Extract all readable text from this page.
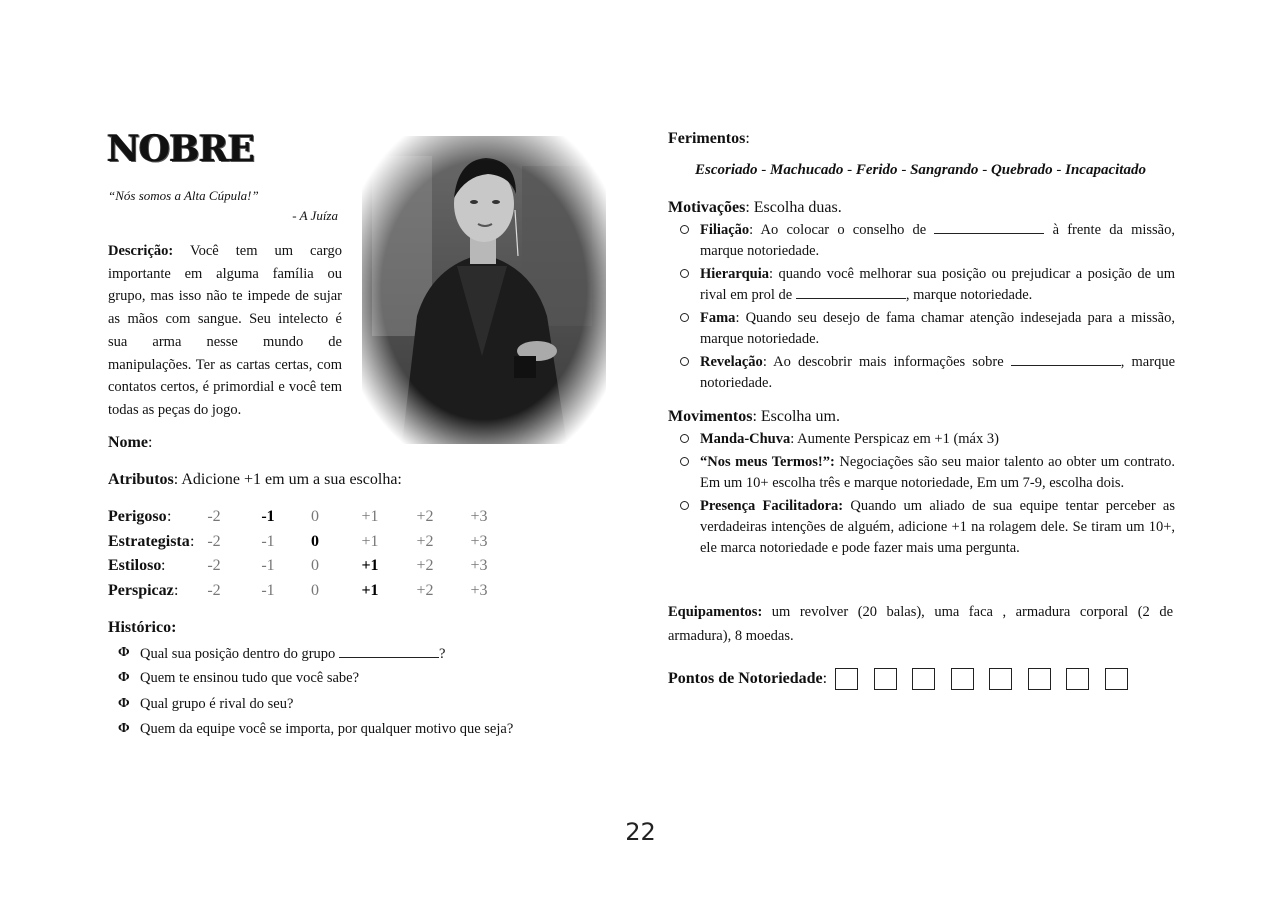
NOBRE
“Nós somos a Alta Cúpula!”
- A Juíza
Descrição: Você tem um cargo importante em alguma família ou grupo, mas isso não te impede de sujar as mãos com sangue. Seu intelecto é sua arma nesse mundo de manipulações. Ter as cartas certas, com contatos certos, é primordial e você tem todas as peças do jogo.
Nome:
Atributos: Adicione +1 em um a sua escolha:
Perigoso :	-2	-1	0	+1	+2	+3
Estrategista : -2	-1	0	+1	+2	+3
Estiloso :	-2	-1	0	+1	+2	+3
Perspicaz :	-2	-1	0	+1	+2	+3
Histórico:
Φ Qual sua posição dentro do grupo	?
Φ Quem te ensinou tudo que você sabe?
Φ Qual grupo é rival do seu?
Φ Quem da equipe você se importa, por qualquer motivo que seja?
Ferimentos:
Escoriado - Machucado - Ferido - Sangrando - Quebrado - Incapacitado
Motivações: Escolha duas.
Filiação: Ao colocar o conselho de	à frente da missão, marque notoriedade.
Hierarquia: quando você melhorar sua posição ou prejudicar a posição de um rival em prol de	, marque notoriedade.
Fama: Quando seu desejo de fama chamar atenção indesejada para a missão, marque notoriedade.
Revelação: Ao descobrir mais informações sobre	, marque notoriedade.
Movimentos: Escolha um.
Manda-Chuva: Aumente Perspicaz em +1 (máx 3)
“Nos meus Termos!”: Negociações são seu maior talento ao obter um contrato. Em um 10+ escolha três e marque notoriedade, Em um 7-9, escolha dois.
Presença Facilitadora: Quando um aliado de sua equipe tentar perceber as verdadeiras intenções de alguém, adicione +1 na rolagem dele. Se tiram um 10+, ele marca notoriedade e pode fazer mais uma pergunta.
Equipamentos: um revolver (20 balas), uma faca , armadura corporal (2 de armadura), 8 moedas.
Pontos de Notoriedade:
22
